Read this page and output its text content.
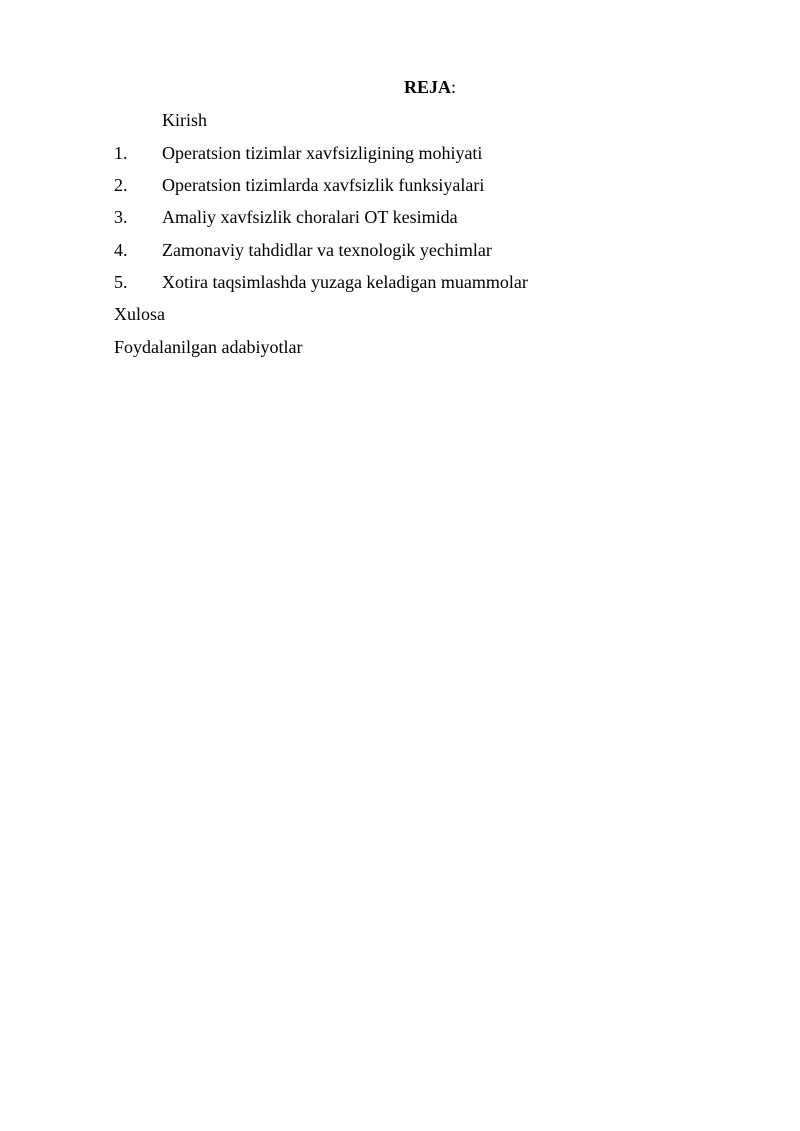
REJA:
Kirish
1. Operatsion tizimlar xavfsizligining mohiyati
2. Operatsion tizimlarda xavfsizlik funksiyalari
3. Amaliy xavfsizlik choralari OT kesimida
4. Zamonaviy tahdidlar va texnologik yechimlar
5. Xotira taqsimlashda yuzaga keladigan muammolar
Xulosa
Foydalanilgan adabiyotlar
